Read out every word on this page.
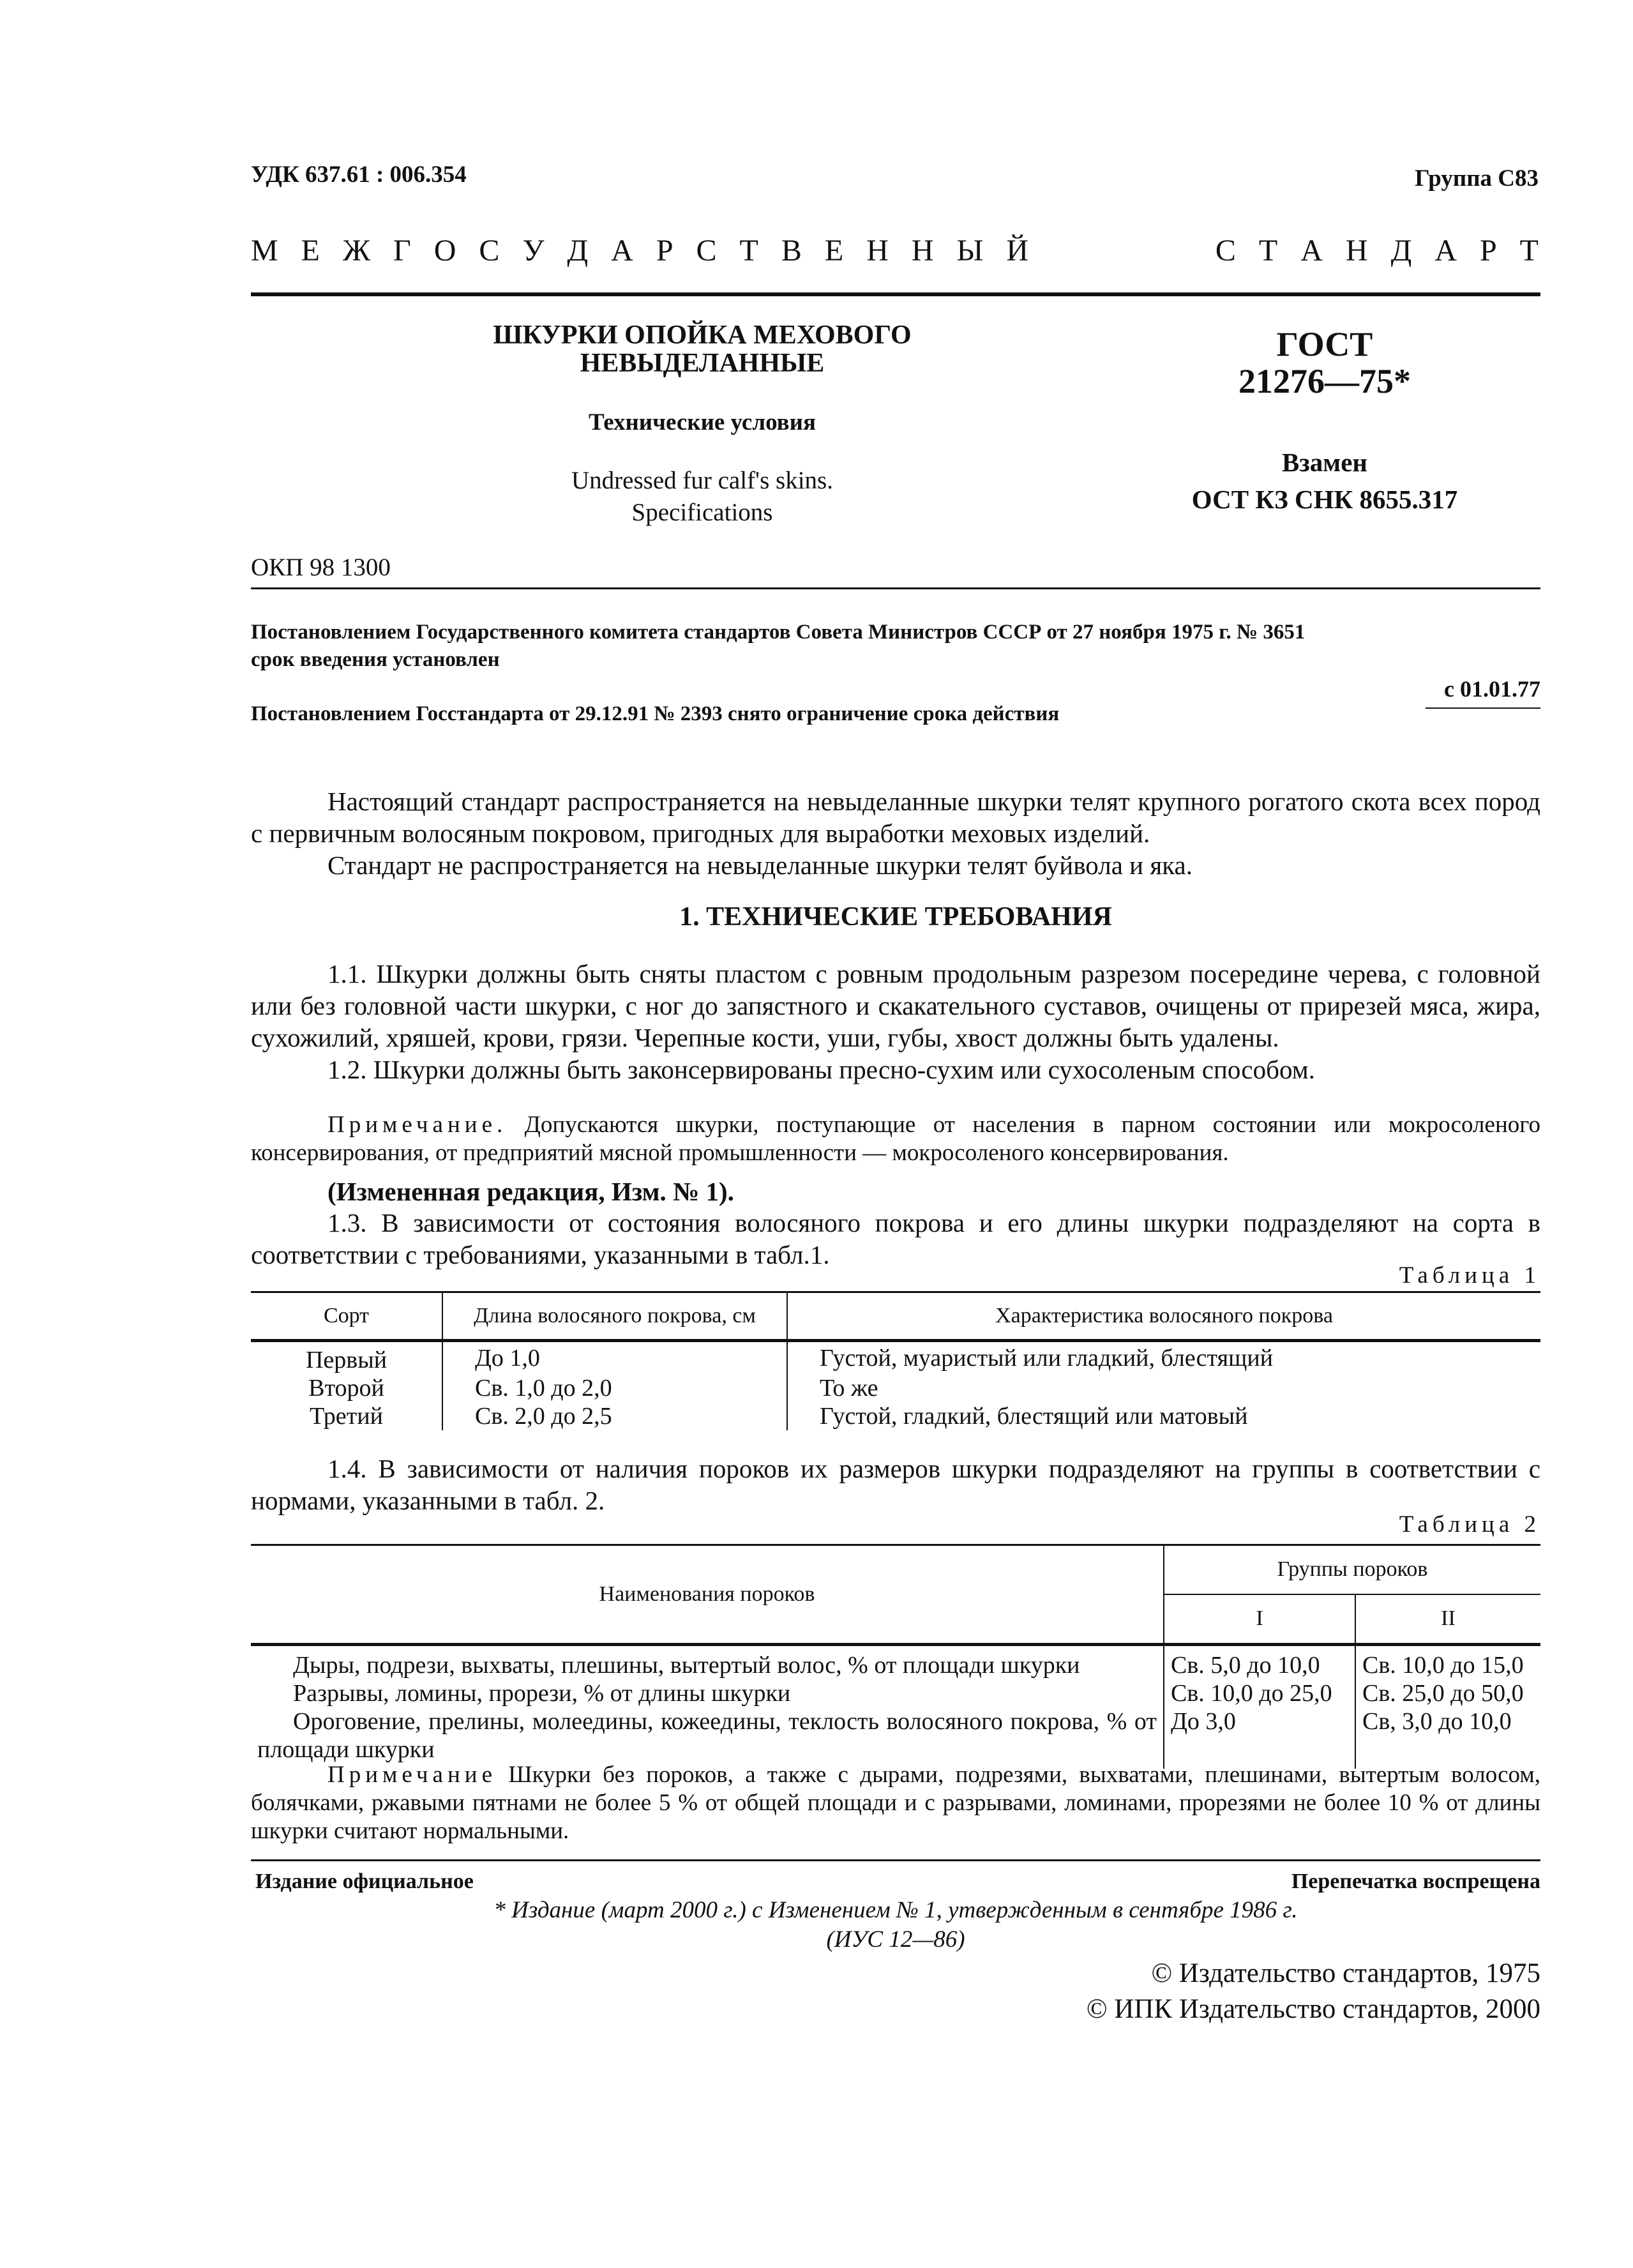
УДК 637.61 : 006.354	Группа С83
М Е Ж Г О С У Д А Р С Т В Е Н Н Ы Й	С Т А Н Д А Р Т
ШКУРКИ ОПОЙКА МЕХОВОГО
НЕВЫДЕЛАННЫЕ
Технические условия
Undressed fur calf's skins.
Specifications
ГОСТ
21276—75*
Взамен
ОСТ КЗ СНК 8655.317
ОКП 98 1300
Постановлением Государственного комитета стандартов Совета Министров СССР от 27 ноября 1975 г. № 3651
срок введения установлен
с 01.01.77
Постановлением Госстандарта от 29.12.91 № 2393 снято ограничение срока действия

Настоящий стандарт распространяется на невыделанные шкурки телят крупного рогатого скота всех пород с первичным волосяным покровом, пригодных для выработки меховых изделий.

Стандарт не распространяется на невыделанные шкурки телят буйвола и яка.

1. ТЕХНИЧЕСКИЕ ТРЕБОВАНИЯ

1.1. Шкурки должны быть сняты пластом с ровным продольным разрезом посередине черева, с головной или без головной части шкурки, с ног до запястного и скакательного суставов, очищены от прирезей мяса, жира, сухожилий, хряшей, крови, грязи. Черепные кости, уши, губы, хвост должны быть удалены.

1.2. Шкурки должны быть законсервированы пресно-сухим или сухосоленым способом.

Примечание. Допускаются шкурки, поступающие от населения в парном состоянии или мокросоленого консервирования, от предприятий мясной промышленности — мокросоленого консервирования.

(Измененная редакция, Изм. № 1).

1.3. В зависимости от состояния волосяного покрова и его длины шкурки подразделяют на сорта в соответствии с требованиями, указанными в табл.1.

Таблица 1
Сорт	Длина волосяного покрова, см	Характеристика волосяного покрова
Первый	До 1,0	Густой, муаристый или гладкий, блестящий
Второй	Св. 1,0 до 2,0	То же
Третий	Св. 2,0 до 2,5	Густой, гладкий, блестящий или матовый

1.4. В зависимости от наличия пороков их размеров шкурки подразделяют на группы в соответствии с нормами, указанными в табл. 2.

Таблица 2
Наименования пороков	Группы пороков	
	I	II
Дыры, подрези, выхваты, плешины, вытертый волос, % от площади шкурки	Св. 5,0 до 10,0	Св. 10,0 до 15,0
Разрывы, ломины, прорези, % от длины шкурки	Св. 10,0 до 25,0	Св. 25,0 до 50,0
Ороговение, прелины, молеедины, кожеедины, теклость волосяного покрова, % от площади шкурки	До 3,0	Св, 3,0 до 10,0

Примечание Шкурки без пороков, а также с дырами, подрезями, выхватами, плешинами, вытертым волосом, болячками, ржавыми пятнами не более 5 % от общей площади и с разрывами, ломинами, прорезями не более 10 % от длины шкурки считают нормальными.

Издание официальное	Перепечатка воспрещена
* Издание (март 2000 г.) с Изменением № 1, утвержденным в сентябре 1986 г.
(ИУС 12—86)
© Издательство стандартов, 1975
© ИПК Издательство стандартов, 2000
